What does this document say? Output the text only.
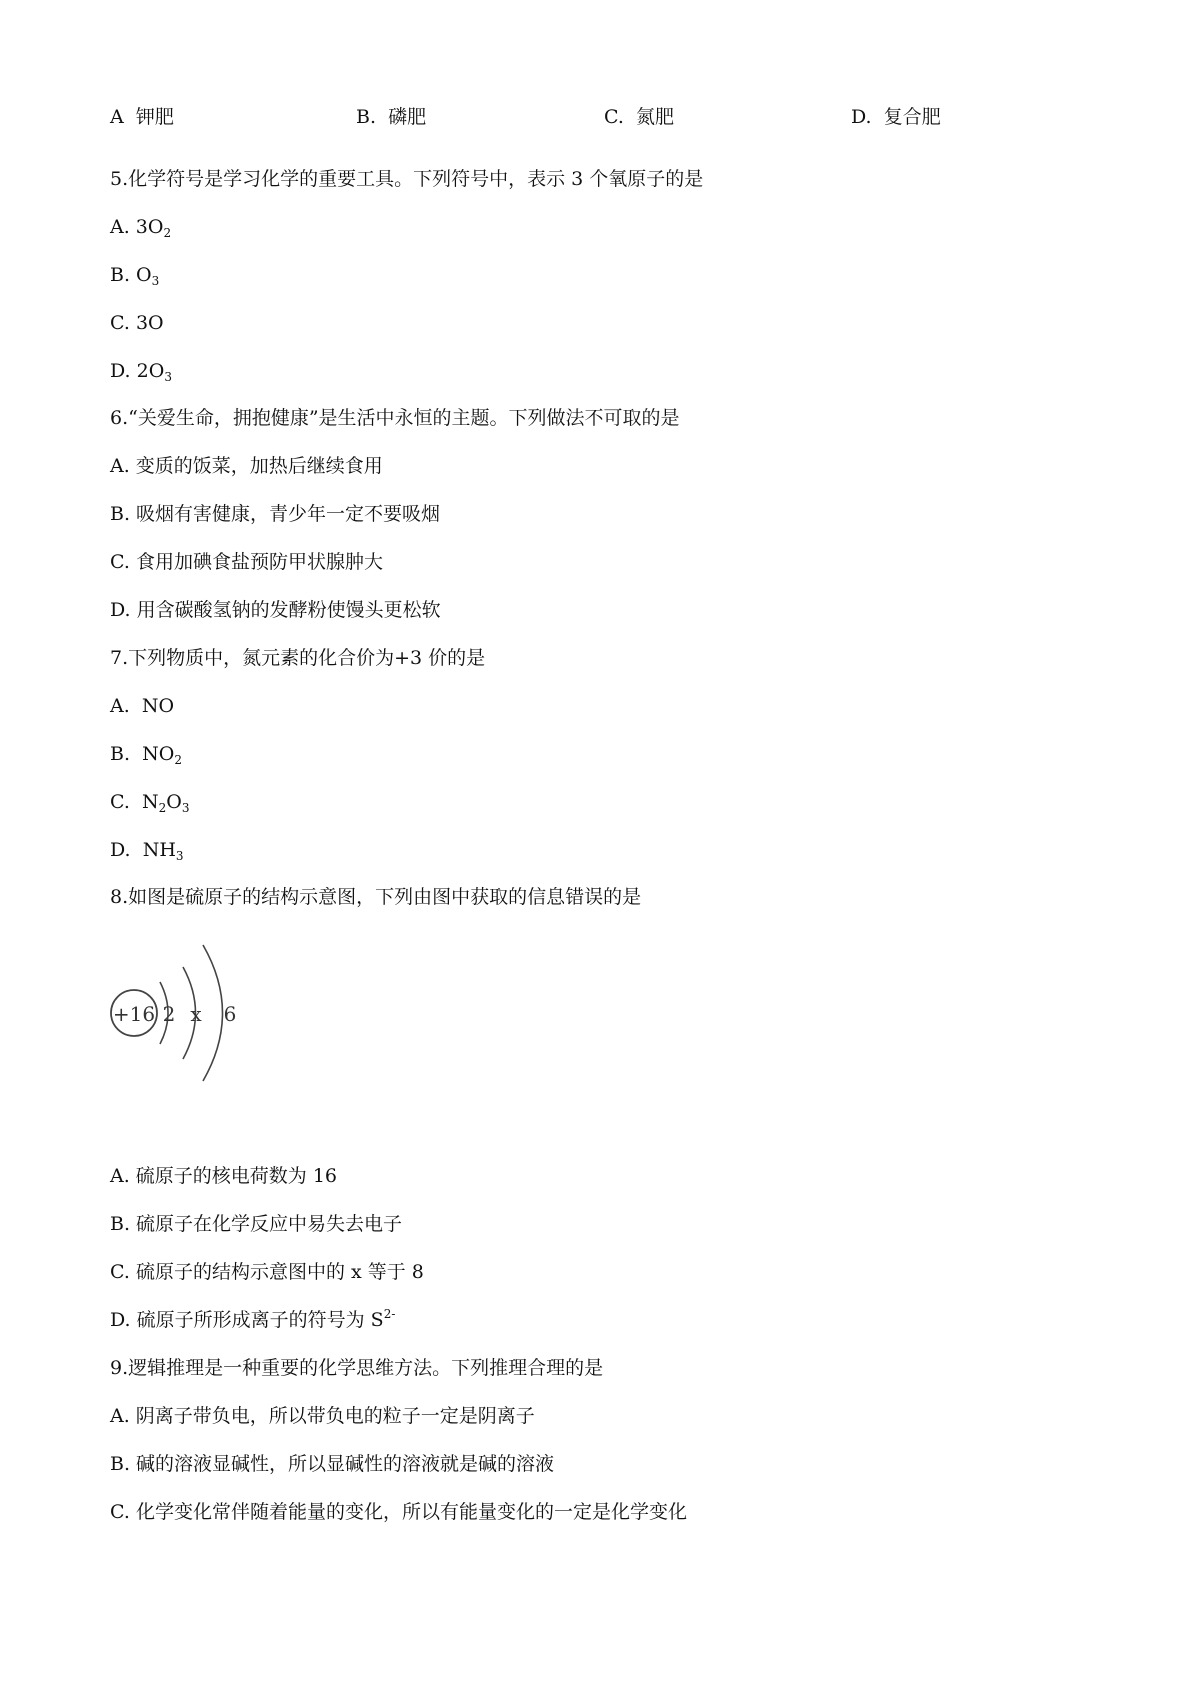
A 钾肥	B. 磷肥	C. 氮肥	D. 复合肥
5.化学符号是学习化学的重要工具。下列符号中，表示 3 个氧原子的是
A. $3O_2$
B. $O_3$
C. 3O
D. $2O_3$
6.“关爱生命，拥抱健康”是生活中永恒的主题。下列做法不可取的是
A. 变质的饭菜，加热后继续食用
B. 吸烟有害健康，青少年一定不要吸烟
C. 食用加碘食盐预防甲状腺肿大
D. 用含碳酸氢钠的发酵粉使馒头更松软
7.下列物质中，氮元素的化合价为+3 价的是
A. NO
B. $NO_2$
C. $N_2O_3$
D. $NH_3$
8.如图是硫原子的结构示意图，下列由图中获取的信息错误的是
+16 2 x 6
A. 硫原子的核电荷数为 16
B. 硫原子在化学反应中易失去电子
C. 硫原子的结构示意图中的 x 等于 8
D. 硫原子所形成离子的符号为 $S^{2-}$
9.逻辑推理是一种重要的化学思维方法。下列推理合理的是
A. 阴离子带负电，所以带负电的粒子一定是阴离子
B. 碱的溶液显碱性，所以显碱性的溶液就是碱的溶液
C. 化学变化常伴随着能量的变化，所以有能量变化的一定是化学变化
